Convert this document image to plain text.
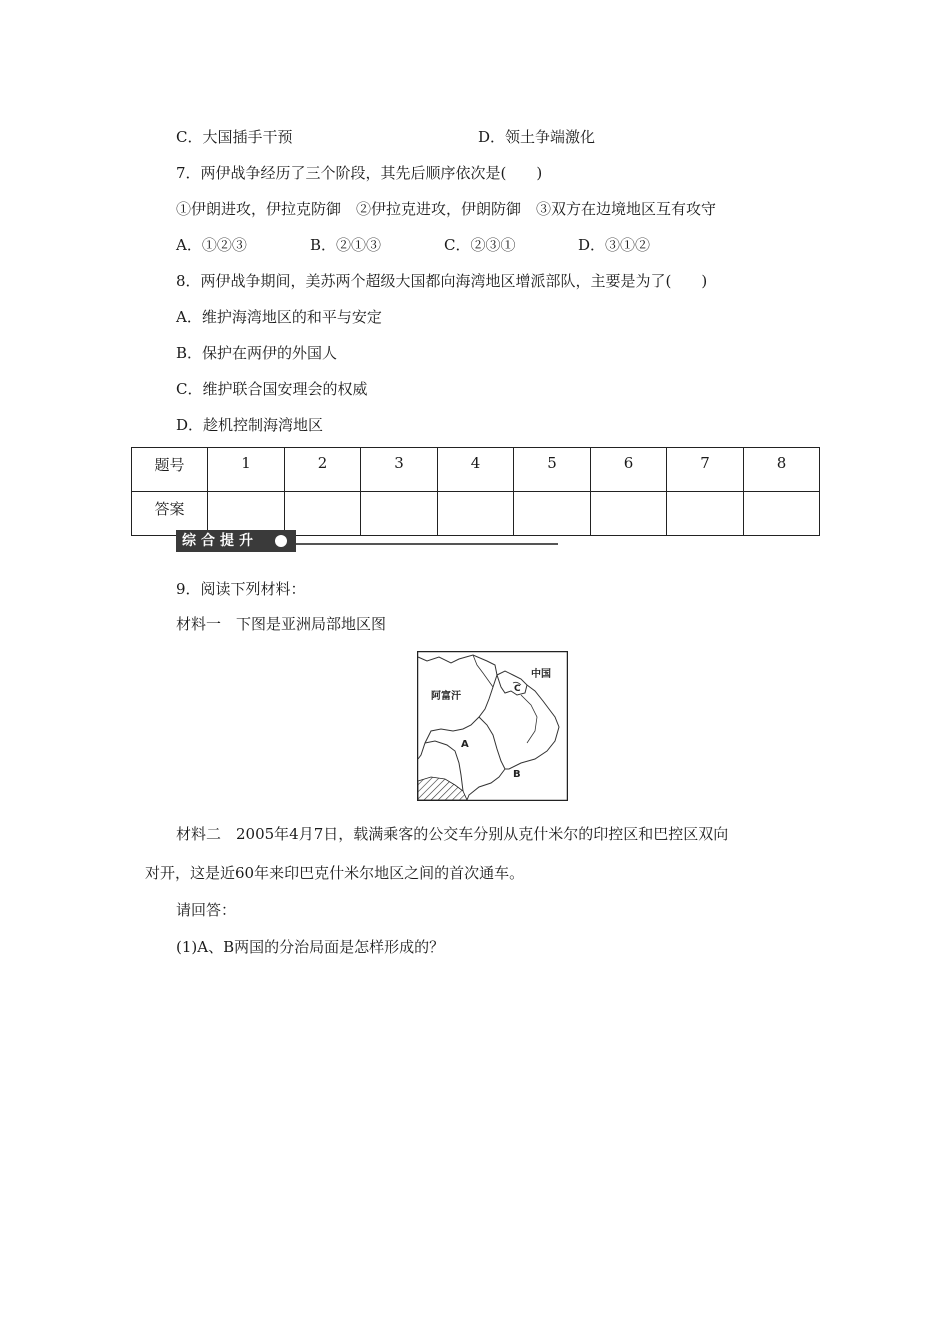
C．大国插手干预	D．领土争端激化
7．两伊战争经历了三个阶段，其先后顺序依次是(　　)
①伊朗进攻，伊拉克防御　②伊拉克进攻，伊朗防御　③双方在边境地区互有攻守
A．①②③	B．②①③	C．②③①	D．③①②
8．两伊战争期间，美苏两个超级大国都向海湾地区增派部队，主要是为了(　　)
A．维护海湾地区的和平与安定
B．保护在两伊的外国人
C．维护联合国安理会的权威
D．趁机控制海湾地区
题号	1	2	3	4	5	6	7	8
答案								
综合提升
9．阅读下列材料：
材料一　下图是亚洲局部地区图
中国
阿富汗
A
B
C
材料二　2005年4月7日，载满乘客的公交车分别从克什米尔的印控区和巴控区双向
对开，这是近60年来印巴克什米尔地区之间的首次通车。
请回答：
(1)A、B两国的分治局面是怎样形成的？
